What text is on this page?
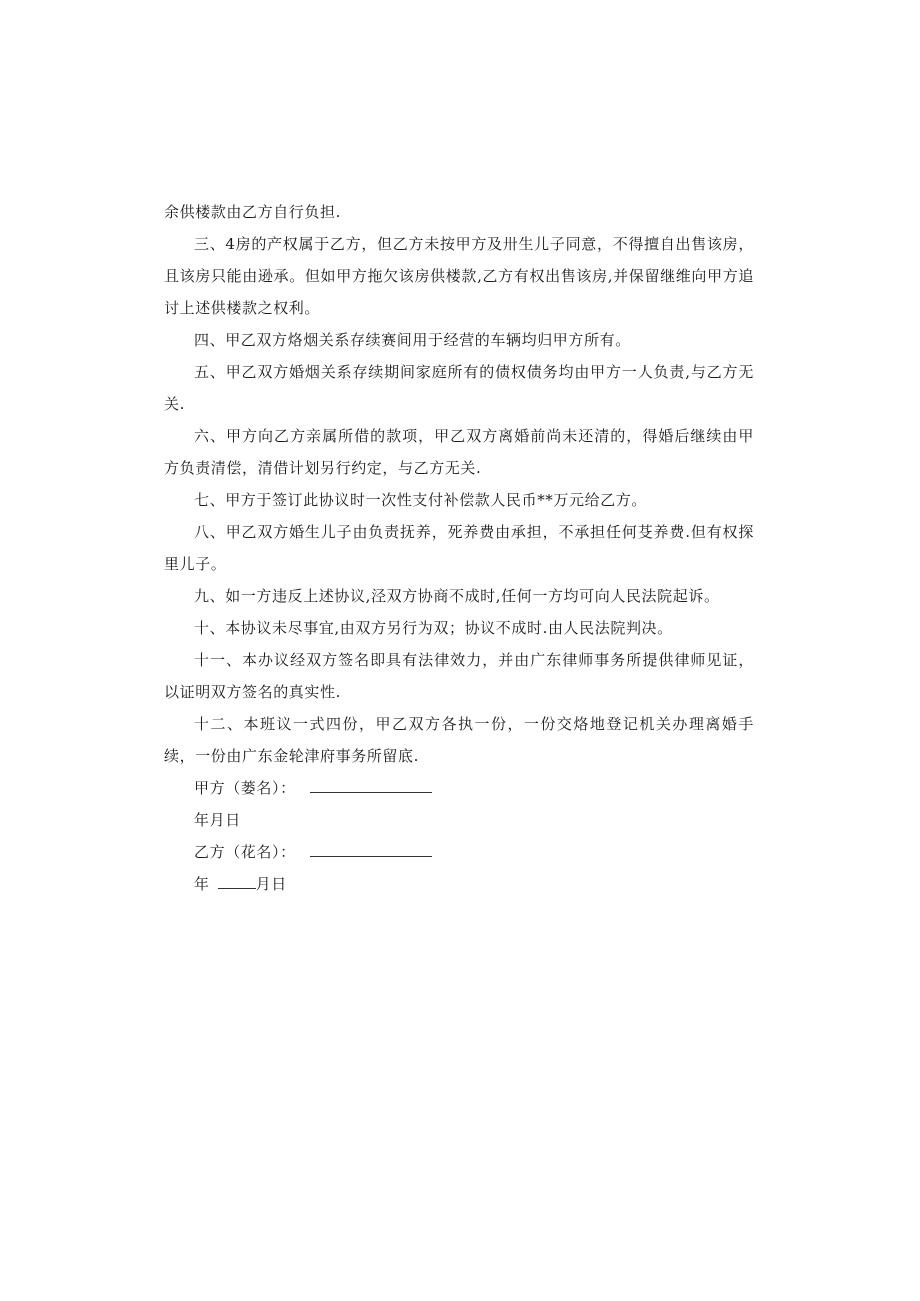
余供楼款由乙方自行负担.

三、4房的产权属于乙方，但乙方未按甲方及卅生儿子同意，不得擅自出售该房，且该房只能由逊承。但如甲方拖欠该房供楼款,乙方有权出售该房,并保留继维向甲方追讨上述供楼款之权利。

四、甲乙双方烙烟关系存续赛间用于经营的车辆均归甲方所有。

五、甲乙双方婚烟关系存续期间家庭所有的债权债务均由甲方一人负责,与乙方无关.

六、甲方向乙方亲属所借的款项，甲乙双方离婚前尚未还清的，得婚后继续由甲方负责清偿，清借计划另行约定，与乙方无关.

七、甲方于签订此协议时一次性支付补偿款人民币**万元给乙方。

八、甲乙双方婚生儿子由负责抚养，死养费由承担，不承担任何芟养费.但有权探里儿子。

九、如一方违反上述协议,泾双方协商不成时,任何一方均可向人民法院起诉。

十、本协议未尽事宜,由双方另行为双；协议不成时.由人民法院判决。

十一、本办议经双方签名即具有法律效力，并由广东律师事务所提供律师见证，以证明双方签名的真实性.

十二、本班议一式四份，甲乙双方各执一份，一份交烙地登记机关办理离婚手续，一份由广东金轮津府事务所留底.

甲方（蒌名）：

年月日

乙方（花名）：

年	月日
